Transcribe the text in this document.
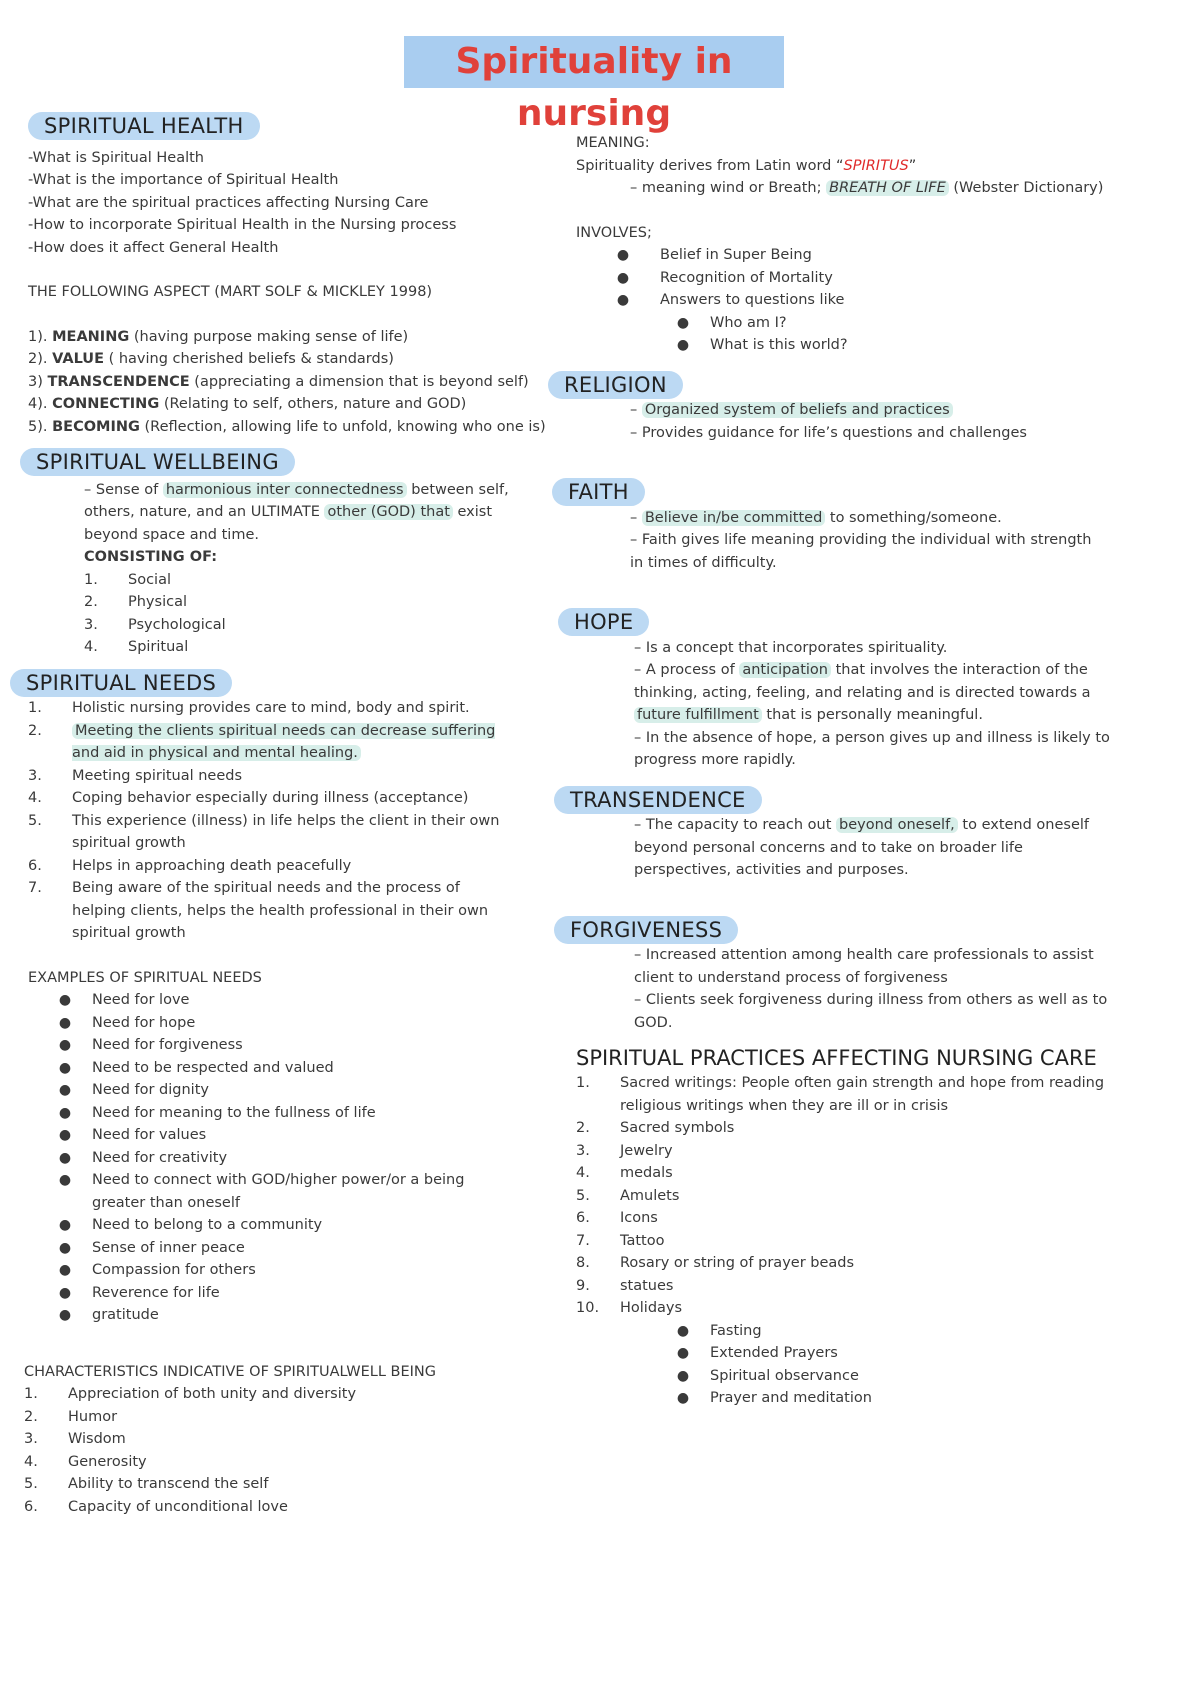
Spirituality in nursing
SPIRITUAL HEALTH

-What is Spiritual Health

-What is the importance of Spiritual Health

-What are the spiritual practices affecting Nursing Care

-How to incorporate Spiritual Health in the Nursing process

-How does it affect General Health

THE FOLLOWING ASPECT (MART SOLF & MICKLEY 1998)

1). MEANING (having purpose making sense of life)

2). VALUE ( having cherished beliefs & standards)

3) TRANSCENDENCE (appreciating a dimension that is beyond self)

4). CONNECTING (Relating to self, others, nature and GOD)

5). BECOMING (Reflection, allowing life to unfold, knowing who one is)

SPIRITUAL WELLBEING

– Sense of harmonious inter connectedness between self,

others, nature, and an ULTIMATE other (GOD) that exist

beyond space and time.

CONSISTING OF:

1.	Social
2.	Physical
3.	Psychological
4.	Spiritual
SPIRITUAL NEEDS
1.	Holistic nursing provides care to mind, body and spirit.
2.	Meeting the clients spiritual needs can decrease suffering and aid in physical and mental healing.
3.	Meeting spiritual needs
4.	Coping behavior especially during illness (acceptance)
5.	This experience (illness) in life helps the client in their own spiritual growth
6.	Helps in approaching death peacefully
7.	Being aware of the spiritual needs and the process of helping clients, helps the health professional in their own spiritual growth

EXAMPLES OF SPIRITUAL NEEDS

●	Need for love
●	Need for hope
●	Need for forgiveness
●	Need to be respected and valued
●	Need for dignity
●	Need for meaning to the fullness of life
●	Need for values
●	Need for creativity
●	Need to connect with GOD/higher power/or a being greater than oneself
●	Need to belong to a community
●	Sense of inner peace
●	Compassion for others
●	Reverence for life
●	gratitude

CHARACTERISTICS INDICATIVE OF SPIRITUALWELL BEING

1.	Appreciation of both unity and diversity
2.	Humor
3.	Wisdom
4.	Generosity
5.	Ability to transcend the self
6.	Capacity of unconditional love

MEANING:

Spirituality derives from Latin word “SPIRITUS”

– meaning wind or Breath; BREATH OF LIFE (Webster Dictionary)

INVOLVES;

●	Belief in Super Being
●	Recognition of Mortality
●	Answers to questions like
●	Who am I?
●	What is this world?
RELIGION

– Organized system of beliefs and practices

– Provides guidance for life’s questions and challenges

FAITH

– Believe in/be committed to something/someone.

– Faith gives life meaning providing the individual with strength

in times of difficulty.

HOPE

– Is a concept that incorporates spirituality.

– A process of anticipation that involves the interaction of the

thinking, acting, feeling, and relating and is directed towards a

future fulfillment that is personally meaningful.

– In the absence of hope, a person gives up and illness is likely to

progress more rapidly.

TRANSENDENCE

– The capacity to reach out beyond oneself, to extend oneself

beyond personal concerns and to take on broader life

perspectives, activities and purposes.

FORGIVENESS

– Increased attention among health care professionals to assist

client to understand process of forgiveness

– Clients seek forgiveness during illness from others as well as to

GOD.

SPIRITUAL PRACTICES AFFECTING NURSING CARE

1.	Sacred writings: People often gain strength and hope from reading religious writings when they are ill or in crisis
2.	Sacred symbols
3.	Jewelry
4.	medals
5.	Amulets
6.	Icons
7.	Tattoo
8.	Rosary or string of prayer beads
9.	statues
10.	Holidays
●	Fasting
●	Extended Prayers
●	Spiritual observance
●	Prayer and meditation
